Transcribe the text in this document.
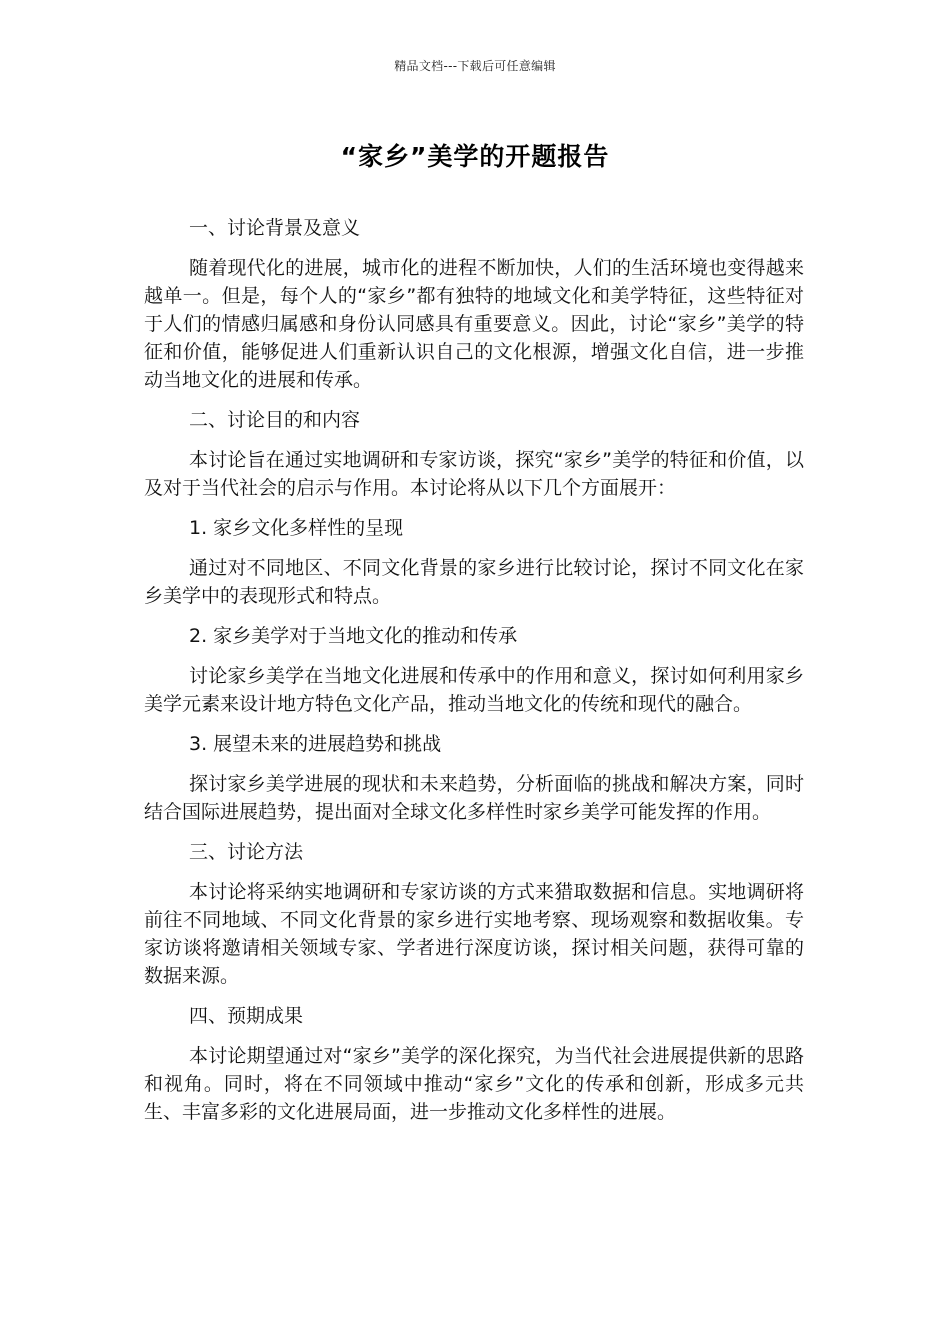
精品文档---下载后可任意编辑
“家乡”美学的开题报告

一、讨论背景及意义

随着现代化的进展，城市化的进程不断加快，人们的生活环境也变得越来越单一。但是，每个人的“家乡”都有独特的地域文化和美学特征，这些特征对于人们的情感归属感和身份认同感具有重要意义。因此，讨论“家乡”美学的特征和价值，能够促进人们重新认识自己的文化根源，增强文化自信，进一步推动当地文化的进展和传承。

二、讨论目的和内容

本讨论旨在通过实地调研和专家访谈，探究“家乡”美学的特征和价值，以及对于当代社会的启示与作用。本讨论将从以下几个方面展开：

1. 家乡文化多样性的呈现

通过对不同地区、不同文化背景的家乡进行比较讨论，探讨不同文化在家乡美学中的表现形式和特点。

2. 家乡美学对于当地文化的推动和传承

讨论家乡美学在当地文化进展和传承中的作用和意义，探讨如何利用家乡美学元素来设计地方特色文化产品，推动当地文化的传统和现代的融合。

3. 展望未来的进展趋势和挑战

探讨家乡美学进展的现状和未来趋势，分析面临的挑战和解决方案，同时结合国际进展趋势，提出面对全球文化多样性时家乡美学可能发挥的作用。

三、讨论方法

本讨论将采纳实地调研和专家访谈的方式来猎取数据和信息。实地调研将前往不同地域、不同文化背景的家乡进行实地考察、现场观察和数据收集。专家访谈将邀请相关领域专家、学者进行深度访谈，探讨相关问题，获得可靠的数据来源。

四、预期成果

本讨论期望通过对“家乡”美学的深化探究，为当代社会进展提供新的思路和视角。同时，将在不同领域中推动“家乡”文化的传承和创新，形成多元共生、丰富多彩的文化进展局面，进一步推动文化多样性的进展。
